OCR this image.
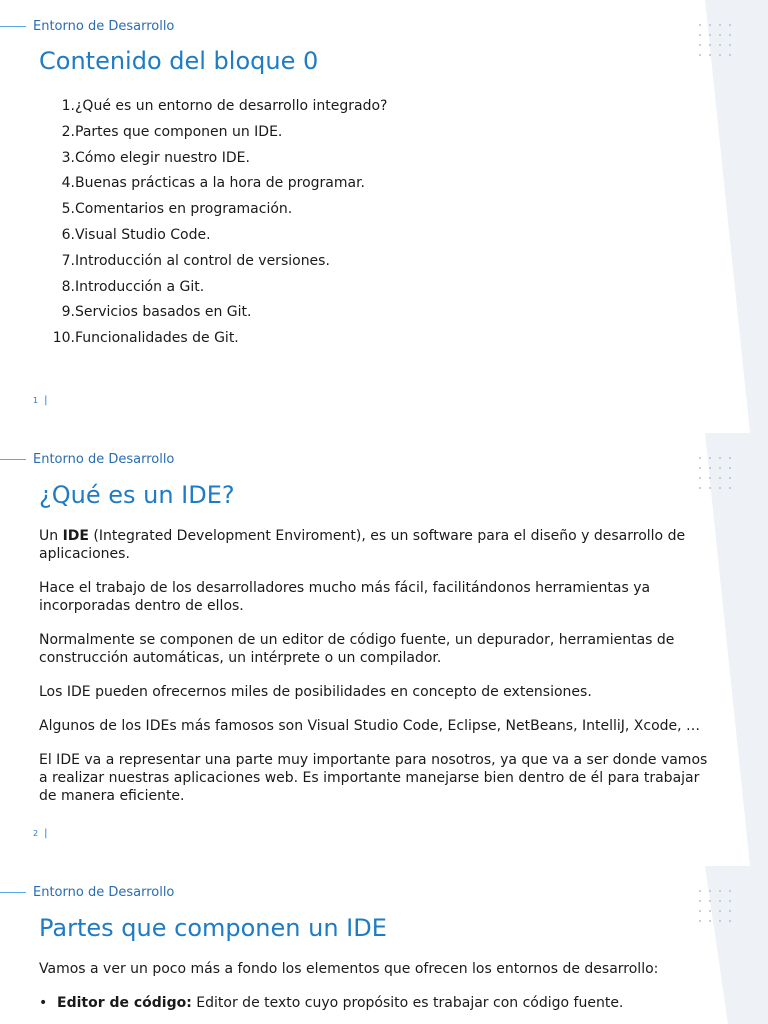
Entorno de Desarrollo
Contenido del bloque 0
1. ¿Qué es un entorno de desarrollo integrado?
2. Partes que componen un IDE.
3. Cómo elegir nuestro IDE.
4. Buenas prácticas a la hora de programar.
5. Comentarios en programación.
6. Visual Studio Code.
7. Introducción al control de versiones.
8. Introducción a Git.
9. Servicios basados en Git.
10. Funcionalidades de Git.
1 |
Entorno de Desarrollo
¿Qué es un IDE?

Un IDE (Integrated Development Enviroment), es un software para el diseño y desarrollo de aplicaciones.

Hace el trabajo de los desarrolladores mucho más fácil, facilitándonos herramientas ya incorporadas dentro de ellos.

Normalmente se componen de un editor de código fuente, un depurador, herramientas de construcción automáticas, un intérprete o un compilador.

Los IDE pueden ofrecernos miles de posibilidades en concepto de extensiones.

Algunos de los IDEs más famosos son Visual Studio Code, Eclipse, NetBeans, IntelliJ, Xcode, …

El IDE va a representar una parte muy importante para nosotros, ya que va a ser donde vamos a realizar nuestras aplicaciones web. Es importante manejarse bien dentro de él para trabajar de manera eficiente.

2 |
Entorno de Desarrollo
Partes que componen un IDE

Vamos a ver un poco más a fondo los elementos que ofrecen los entornos de desarrollo:

• Editor de código: Editor de texto cuyo propósito es trabajar con código fuente.
